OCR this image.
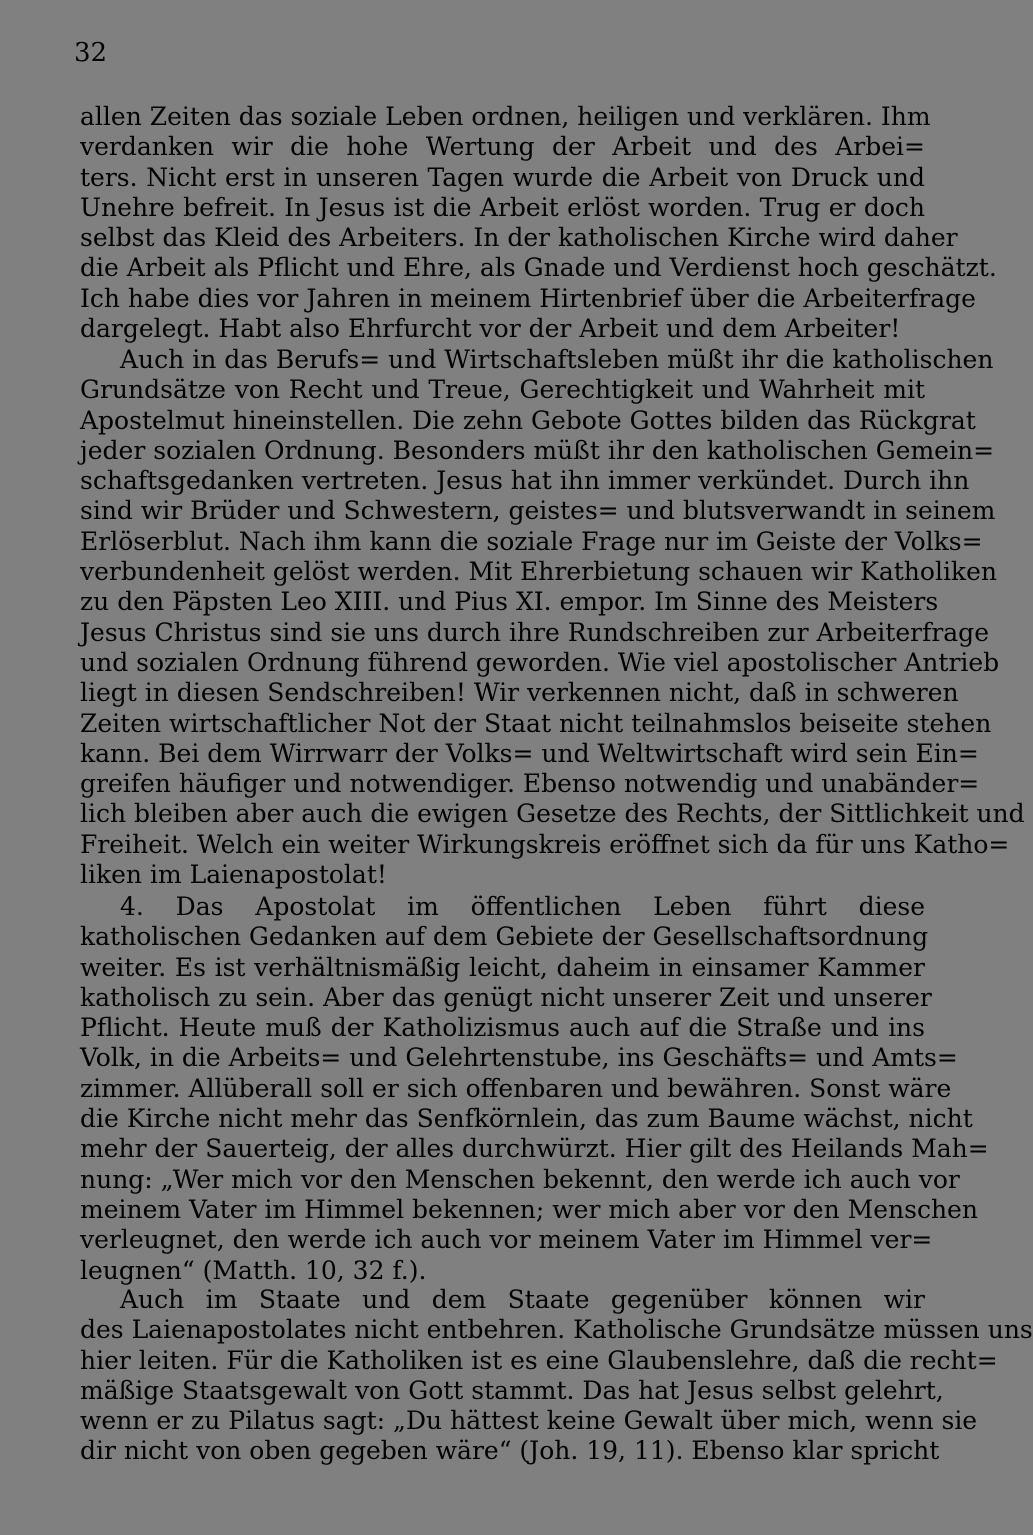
32
allen Zeiten das soziale Leben ordnen, heiligen und verklären. Ihm
verdanken wir die hohe Wertung der Arbeit und des Arbei=
ters. Nicht erst in unseren Tagen wurde die Arbeit von Druck und
Unehre befreit. In Jesus ist die Arbeit erlöst worden. Trug er doch
selbst das Kleid des Arbeiters. In der katholischen Kirche wird daher
die Arbeit als Pflicht und Ehre, als Gnade und Verdienst hoch geschätzt.
Ich habe dies vor Jahren in meinem Hirtenbrief über die Arbeiterfrage
dargelegt. Habt also Ehrfurcht vor der Arbeit und dem Arbeiter!
Auch in das Berufs= und Wirtschaftsleben müßt ihr die katholischen
Grundsätze von Recht und Treue, Gerechtigkeit und Wahrheit mit
Apostelmut hineinstellen. Die zehn Gebote Gottes bilden das Rückgrat
jeder sozialen Ordnung. Besonders müßt ihr den katholischen Gemein=
schaftsgedanken vertreten. Jesus hat ihn immer verkündet. Durch ihn
sind wir Brüder und Schwestern, geistes= und blutsverwandt in seinem
Erlöserblut. Nach ihm kann die soziale Frage nur im Geiste der Volks=
verbundenheit gelöst werden. Mit Ehrerbietung schauen wir Katholiken
zu den Päpsten Leo XIII. und Pius XI. empor. Im Sinne des Meisters
Jesus Christus sind sie uns durch ihre Rundschreiben zur Arbeiterfrage
und sozialen Ordnung führend geworden. Wie viel apostolischer Antrieb
liegt in diesen Sendschreiben! Wir verkennen nicht, daß in schweren
Zeiten wirtschaftlicher Not der Staat nicht teilnahmslos beiseite stehen
kann. Bei dem Wirrwarr der Volks= und Weltwirtschaft wird sein Ein=
greifen häufiger und notwendiger. Ebenso notwendig und unabänder=
lich bleiben aber auch die ewigen Gesetze des Rechts, der Sittlichkeit und
Freiheit. Welch ein weiter Wirkungskreis eröffnet sich da für uns Katho=
liken im Laienapostolat!
4. Das Apostolat im öffentlichen Leben führt diese
katholischen Gedanken auf dem Gebiete der Gesellschaftsordnung
weiter. Es ist verhältnismäßig leicht, daheim in einsamer Kammer
katholisch zu sein. Aber das genügt nicht unserer Zeit und unserer
Pflicht. Heute muß der Katholizismus auch auf die Straße und ins
Volk, in die Arbeits= und Gelehrtenstube, ins Geschäfts= und Amts=
zimmer. Allüberall soll er sich offenbaren und bewähren. Sonst wäre
die Kirche nicht mehr das Senfkörnlein, das zum Baume wächst, nicht
mehr der Sauerteig, der alles durchwürzt. Hier gilt des Heilands Mah=
nung: „Wer mich vor den Menschen bekennt, den werde ich auch vor
meinem Vater im Himmel bekennen; wer mich aber vor den Menschen
verleugnet, den werde ich auch vor meinem Vater im Himmel ver=
leugnen“ (Matth. 10, 32 f.).
Auch im Staate und dem Staate gegenüber können wir
des Laienapostolates nicht entbehren. Katholische Grundsätze müssen uns
hier leiten. Für die Katholiken ist es eine Glaubenslehre, daß die recht=
mäßige Staatsgewalt von Gott stammt. Das hat Jesus selbst gelehrt,
wenn er zu Pilatus sagt: „Du hättest keine Gewalt über mich, wenn sie
dir nicht von oben gegeben wäre“ (Joh. 19, 11). Ebenso klar spricht
